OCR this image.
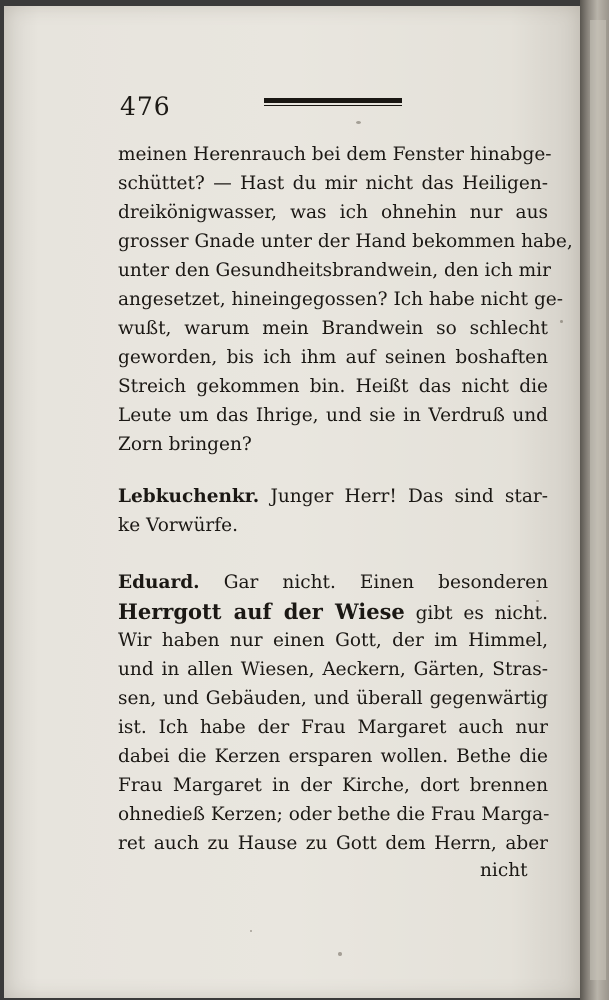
476
meinen Herenrauch bei dem Fenster hinabge-
schüttet? — Hast du mir nicht das Heiligen-
dreikönigwasser, was ich ohnehin nur aus
grosser Gnade unter der Hand bekommen habe,
unter den Gesundheitsbrandwein, den ich mir
angesetzet, hineingegossen? Ich habe nicht ge-
wußt, warum mein Brandwein so schlecht
geworden, bis ich ihm auf seinen boshaften
Streich gekommen bin. Heißt das nicht die
Leute um das Ihrige, und sie in Verdruß und
Zorn bringen?
Lebkuchenkr. Junger Herr! Das sind star-
ke Vorwürfe.
Eduard. Gar nicht. Einen besonderen
Herrgott auf der Wiese gibt es nicht.
Wir haben nur einen Gott, der im Himmel,
und in allen Wiesen, Aeckern, Gärten, Stras-
sen, und Gebäuden, und überall gegenwärtig
ist. Ich habe der Frau Margaret auch nur
dabei die Kerzen ersparen wollen. Bethe die
Frau Margaret in der Kirche, dort brennen
ohnedieß Kerzen; oder bethe die Frau Marga-
ret auch zu Hause zu Gott dem Herrn, aber
nicht
